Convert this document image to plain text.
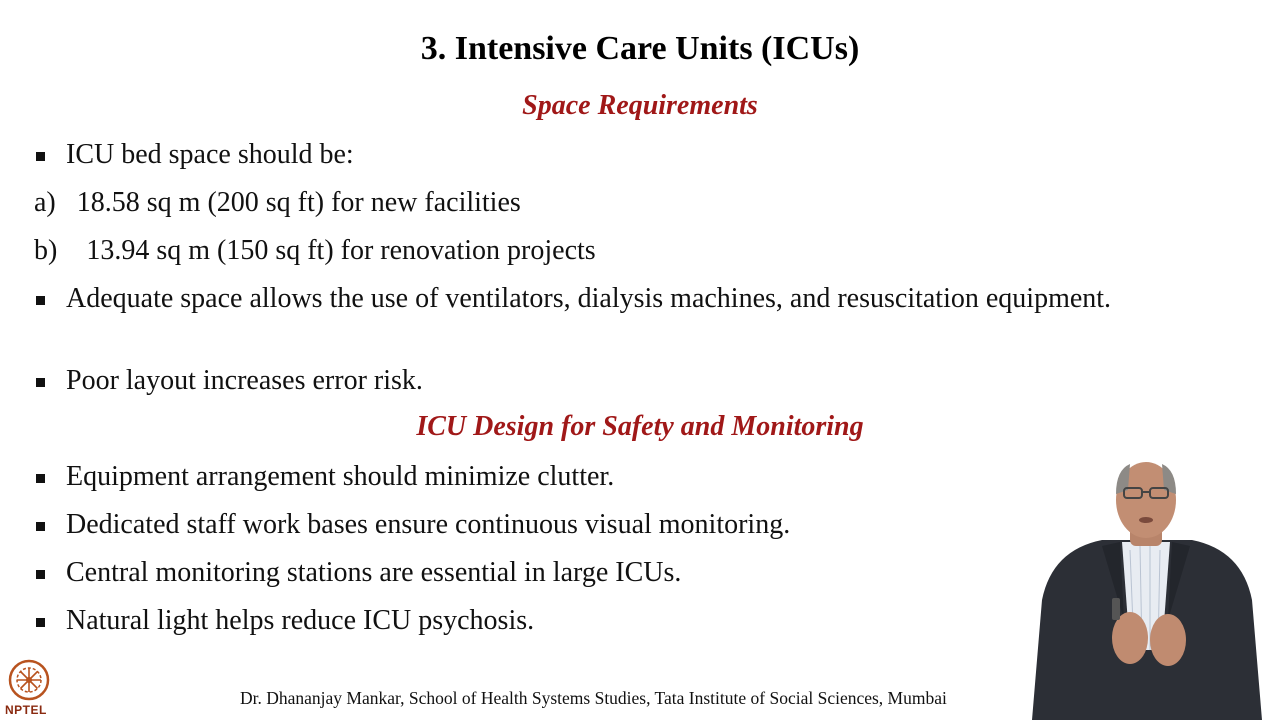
3. Intensive Care Units (ICUs)
Space Requirements
ICU bed space should be:
a) 18.58 sq m (200 sq ft) for new facilities
b) 13.94 sq m (150 sq ft) for renovation projects
Adequate space allows the use of ventilators, dialysis machines, and resuscitation equipment.
Poor layout increases error risk.
ICU Design for Safety and Monitoring
Equipment arrangement should minimize clutter.
Dedicated staff work bases ensure continuous visual monitoring.
Central monitoring stations are essential in large ICUs.
Natural light helps reduce ICU psychosis.
NPTEL
Dr. Dhananjay Mankar, School of Health Systems Studies, Tata Institute of Social Sciences, Mumbai
